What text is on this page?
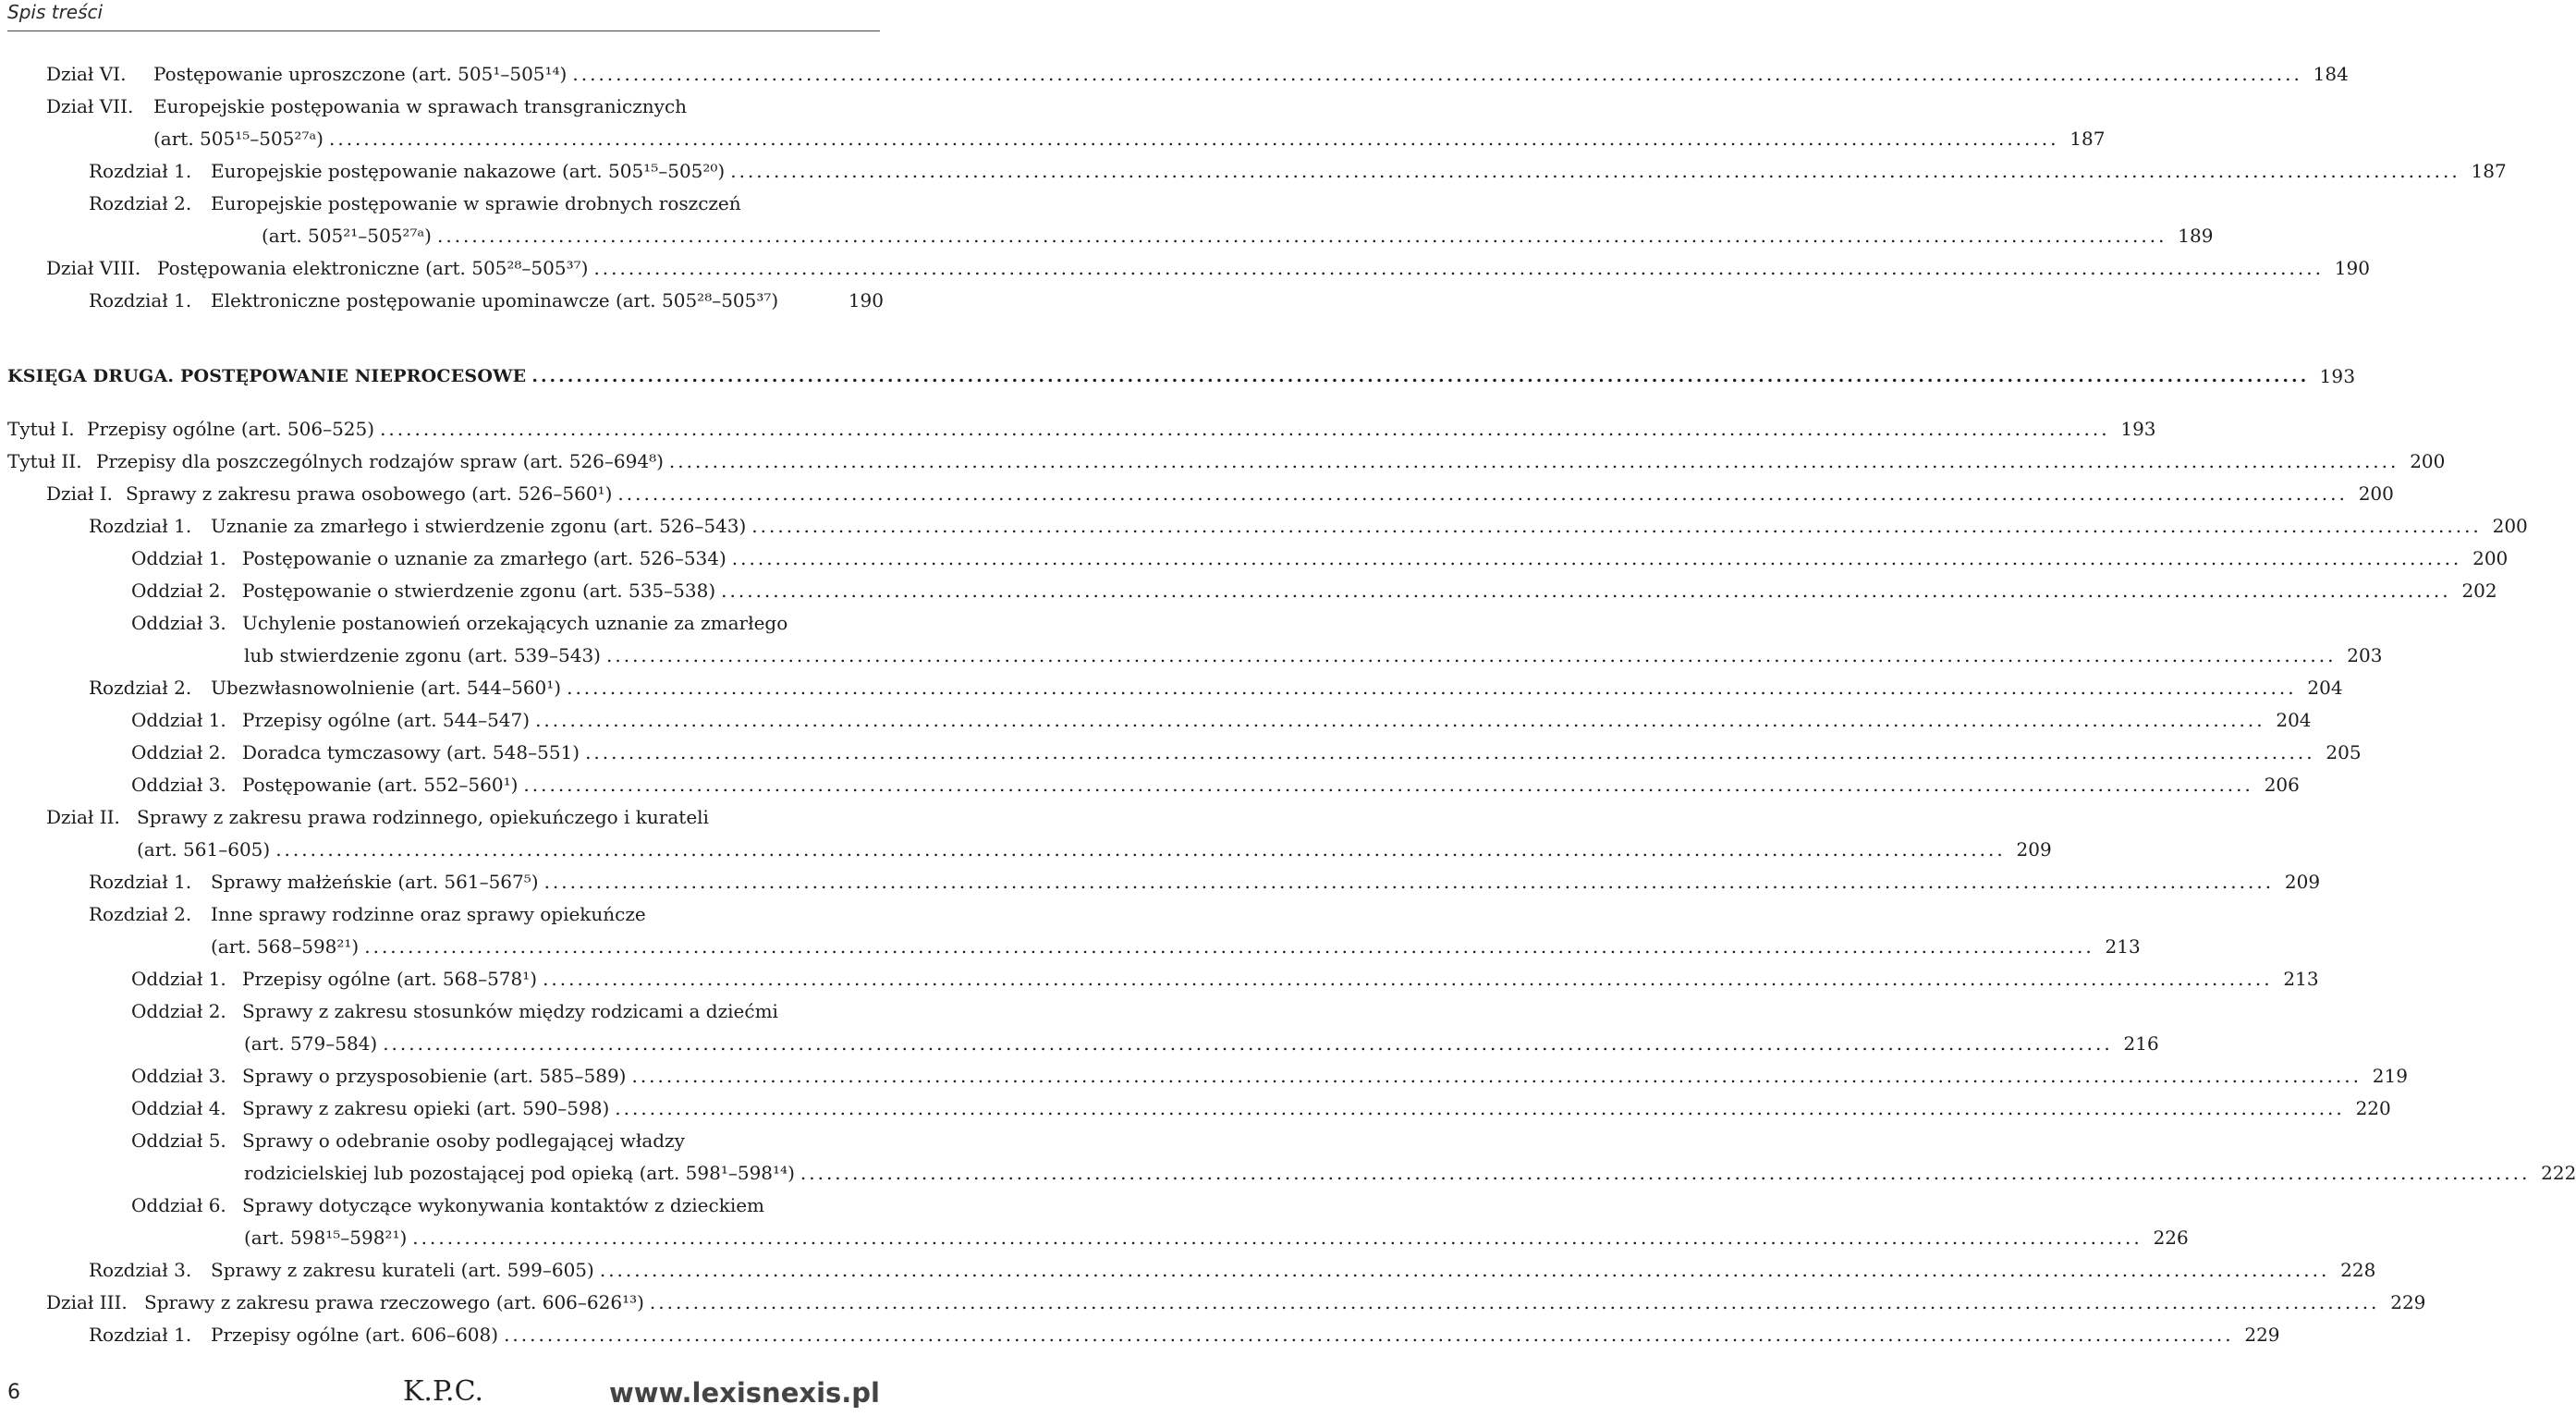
Spis treści
Dział VI.	Postępowanie uproszczone (art. 505¹–505¹⁴) ........................................................................................................................................................................................................ 184
Dział VII.	Europejskie postępowania w sprawach transgranicznych
(art. 505¹⁵–505²⁷ᵃ) ........................................................................................................................................................................................................ 187
Rozdział 1.	Europejskie postępowanie nakazowe (art. 505¹⁵–505²⁰) ........................................................................................................................................................................................................ 187
Rozdział 2.	Europejskie postępowanie w sprawie drobnych roszczeń
(art. 505²¹–505²⁷ᵃ) ........................................................................................................................................................................................................ 189
Dział VIII. Postępowania elektroniczne (art. 505²⁸–505³⁷) ........................................................................................................................................................................................................ 190
Rozdział 1.	Elektroniczne postępowanie upominawcze (art. 505²⁸–505³⁷)	190
KSIĘGA DRUGA. POSTĘPOWANIE NIEPROCESOWE ........................................................................................................................................................................................................ 193
Tytuł I. Przepisy ogólne (art. 506–525) ........................................................................................................................................................................................................ 193
Tytuł II. Przepisy dla poszczególnych rodzajów spraw (art. 526–694⁸) ........................................................................................................................................................................................................ 200
Dział I. Sprawy z zakresu prawa osobowego (art. 526–560¹) ........................................................................................................................................................................................................ 200
Rozdział 1.	Uznanie za zmarłego i stwierdzenie zgonu (art. 526–543) ........................................................................................................................................................................................................ 200
Oddział 1. Postępowanie o uznanie za zmarłego (art. 526–534) ........................................................................................................................................................................................................ 200
Oddział 2. Postępowanie o stwierdzenie zgonu (art. 535–538) ........................................................................................................................................................................................................ 202
Oddział 3. Uchylenie postanowień orzekających uznanie za zmarłego
lub stwierdzenie zgonu (art. 539–543) ........................................................................................................................................................................................................ 203
Rozdział 2.	Ubezwłasnowolnienie (art. 544–560¹) ........................................................................................................................................................................................................ 204
Oddział 1. Przepisy ogólne (art. 544–547) ........................................................................................................................................................................................................ 204
Oddział 2. Doradca tymczasowy (art. 548–551) ........................................................................................................................................................................................................ 205
Oddział 3. Postępowanie (art. 552–560¹) ........................................................................................................................................................................................................ 206
Dział II. Sprawy z zakresu prawa rodzinnego, opiekuńczego i kurateli
(art. 561–605) ........................................................................................................................................................................................................ 209
Rozdział 1.	Sprawy małżeńskie (art. 561–567⁵) ........................................................................................................................................................................................................ 209
Rozdział 2.	Inne sprawy rodzinne oraz sprawy opiekuńcze
(art. 568–598²¹) ........................................................................................................................................................................................................ 213
Oddział 1. Przepisy ogólne (art. 568–578¹) ........................................................................................................................................................................................................ 213
Oddział 2. Sprawy z zakresu stosunków między rodzicami a dziećmi
(art. 579–584) ........................................................................................................................................................................................................ 216
Oddział 3. Sprawy o przysposobienie (art. 585–589) ........................................................................................................................................................................................................ 219
Oddział 4. Sprawy z zakresu opieki (art. 590–598) ........................................................................................................................................................................................................ 220
Oddział 5. Sprawy o odebranie osoby podlegającej władzy
rodzicielskiej lub pozostającej pod opieką (art. 598¹–598¹⁴) ........................................................................................................................................................................................................ 222
Oddział 6. Sprawy dotyczące wykonywania kontaktów z dzieckiem
(art. 598¹⁵–598²¹) ........................................................................................................................................................................................................ 226
Rozdział 3.	Sprawy z zakresu kurateli (art. 599–605) ........................................................................................................................................................................................................ 228
Dział III. Sprawy z zakresu prawa rzeczowego (art. 606–626¹³) ........................................................................................................................................................................................................ 229
Rozdział 1.	Przepisy ogólne (art. 606–608) ........................................................................................................................................................................................................ 229
6	K.P.C.	www.lexisnexis.pl
